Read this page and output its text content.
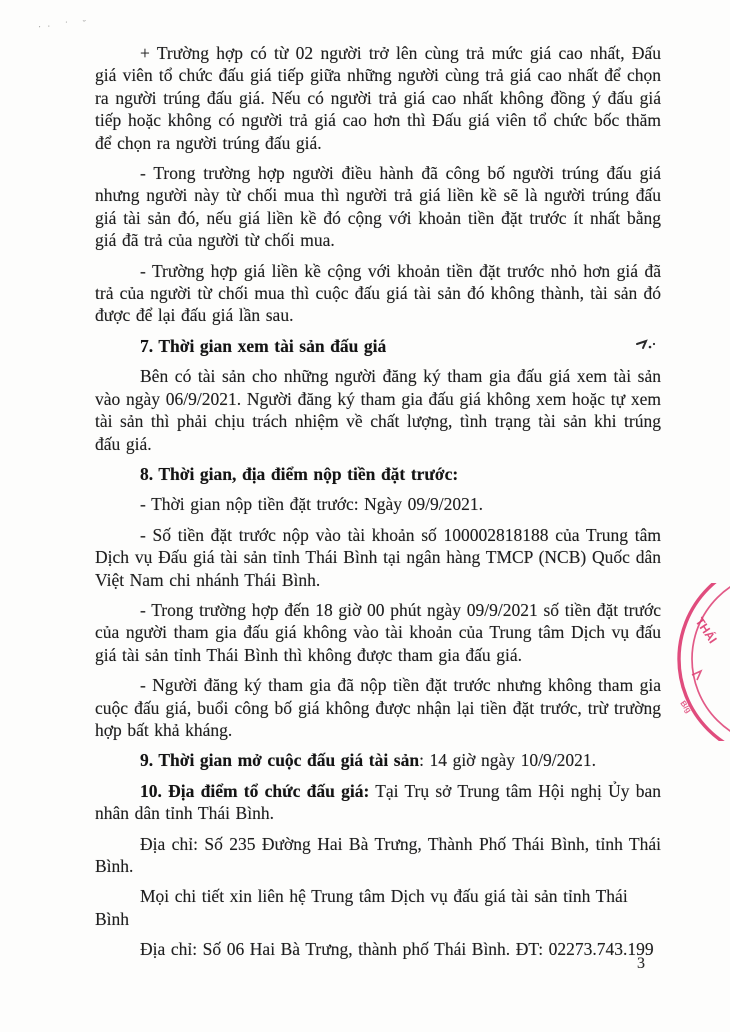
·· ˙ ˘

+ Trường hợp có từ 02 người trở lên cùng trả mức giá cao nhất, Đấu giá viên tổ chức đấu giá tiếp giữa những người cùng trả giá cao nhất để chọn ra người trúng đấu giá. Nếu có người trả giá cao nhất không đồng ý đấu giá tiếp hoặc không có người trả giá cao hơn thì Đấu giá viên tổ chức bốc thăm để chọn ra người trúng đấu giá.

- Trong trường hợp người điều hành đã công bố người trúng đấu giá nhưng người này từ chối mua thì người trả giá liền kề sẽ là người trúng đấu giá tài sản đó, nếu giá liền kề đó cộng với khoản tiền đặt trước ít nhất bằng giá đã trả của người từ chối mua.

- Trường hợp giá liền kề cộng với khoản tiền đặt trước nhỏ hơn giá đã trả của người từ chối mua thì cuộc đấu giá tài sản đó không thành, tài sản đó được để lại đấu giá lần sau.

7. Thời gian xem tài sản đấu giá

Bên có tài sản cho những người đăng ký tham gia đấu giá xem tài sản vào ngày 06/9/2021. Người đăng ký tham gia đấu giá không xem hoặc tự xem tài sản thì phải chịu trách nhiệm về chất lượng, tình trạng tài sản khi trúng đấu giá.

8. Thời gian, địa điểm nộp tiền đặt trước:

- Thời gian nộp tiền đặt trước: Ngày 09/9/2021.

- Số tiền đặt trước nộp vào tài khoản số 100002818188 của Trung tâm Dịch vụ Đấu giá tài sản tỉnh Thái Bình tại ngân hàng TMCP (NCB) Quốc dân Việt Nam chi nhánh Thái Bình.

- Trong trường hợp đến 18 giờ 00 phút ngày 09/9/2021 số tiền đặt trước của người tham gia đấu giá không vào tài khoản của Trung tâm Dịch vụ đấu giá tài sản tỉnh Thái Bình thì không được tham gia đấu giá.

- Người đăng ký tham gia đã nộp tiền đặt trước nhưng không tham gia cuộc đấu giá, buổi công bố giá không được nhận lại tiền đặt trước, trừ trường hợp bất khả kháng.

9. Thời gian mở cuộc đấu giá tài sản: 14 giờ ngày 10/9/2021.

10. Địa điểm tổ chức đấu giá: Tại Trụ sở Trung tâm Hội nghị Ủy ban nhân dân tỉnh Thái Bình.

Địa chỉ: Số 235 Đường Hai Bà Trưng, Thành Phố Thái Bình, tỉnh Thái Bình.

Mọi chi tiết xin liên hệ Trung tâm Dịch vụ đấu giá tài sản tỉnh Thái Bình

Địa chỉ: Số 06 Hai Bà Trưng, thành phố Thái Bình. ĐT: 02273.743.199

THÁI
B/g
3
